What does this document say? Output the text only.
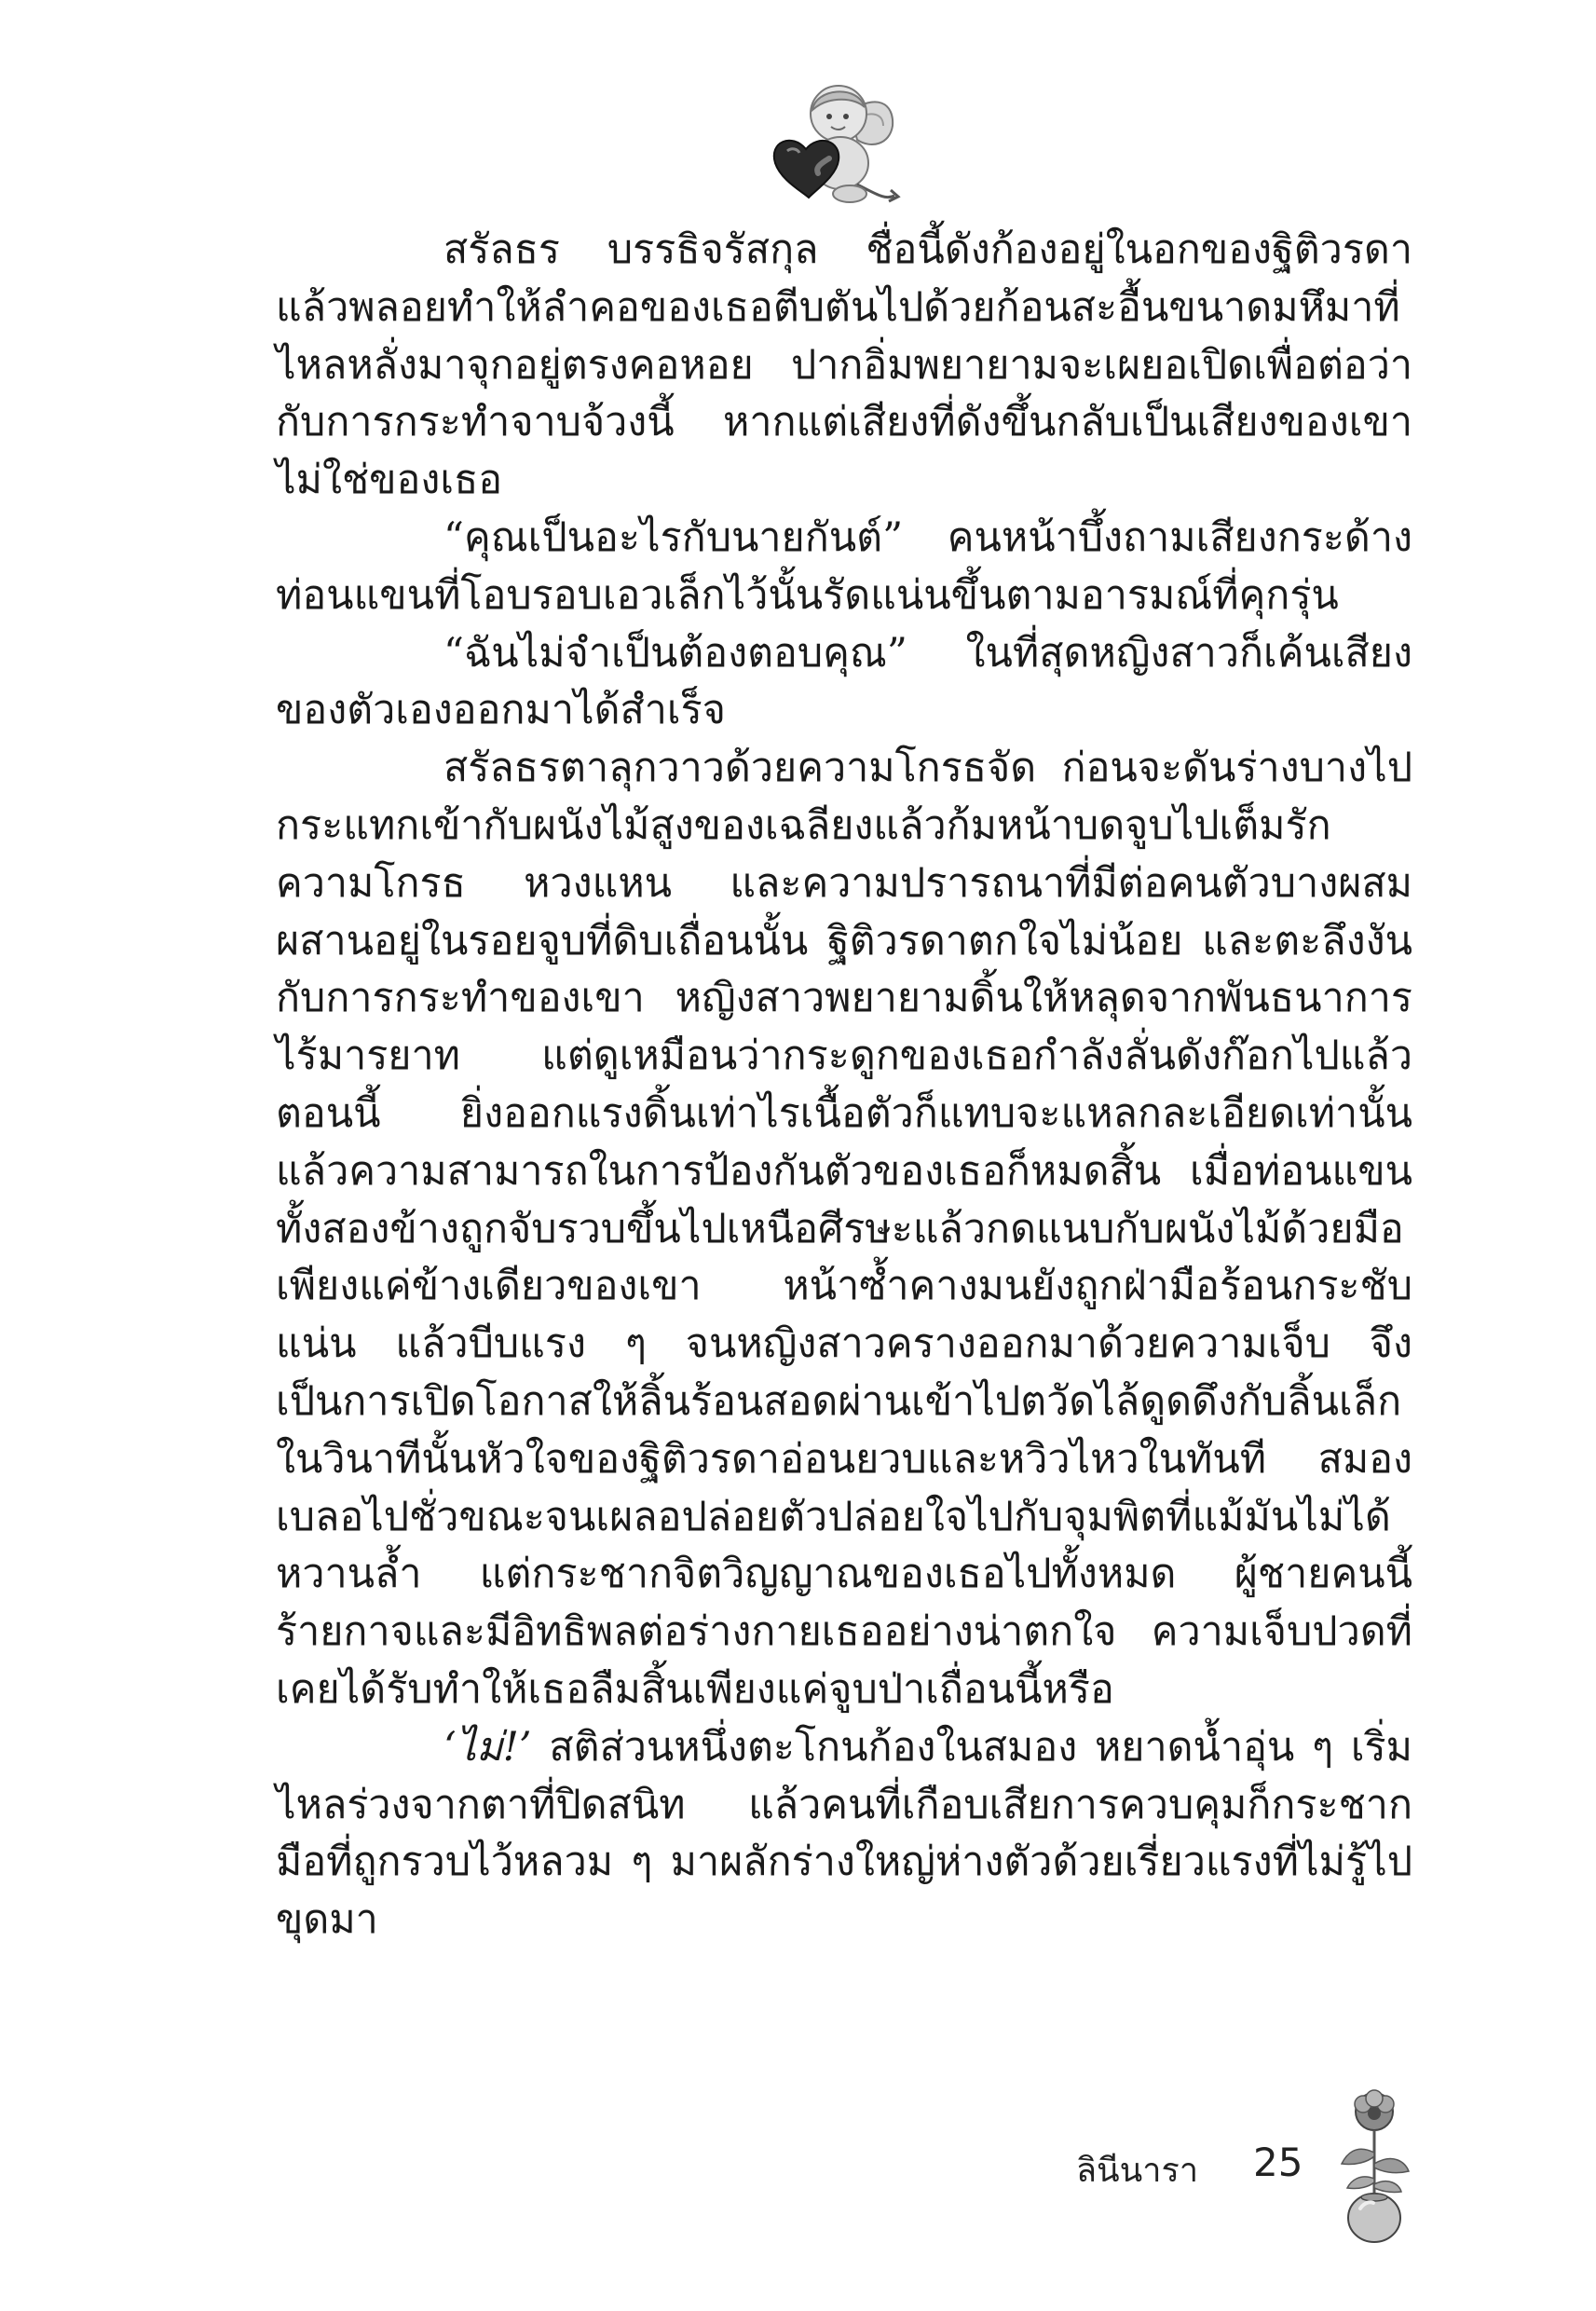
สรัลธร บรรธิจรัสกุล ชื่อนี้ดังก้องอยู่ในอกของฐิติวรดา แล้วพลอยทำให้ลำคอของเธอตีบตันไปด้วยก้อนสะอื้นขนาดมหึมาที่ไหลหลั่งมาจุกอยู่ตรงคอหอย ปากอิ่มพยายามจะเผยอเปิดเพื่อต่อว่ากับการกระทำจาบจ้วงนี้ หากแต่เสียงที่ดังขึ้นกลับเป็นเสียงของเขา ไม่ใช่ของเธอ

“คุณเป็นอะไรกับนายกันต์” คนหน้าบึ้งถามเสียงกระด้าง ท่อนแขนที่โอบรอบเอวเล็กไว้นั้นรัดแน่นขึ้นตามอารมณ์ที่คุกรุ่น

“ฉันไม่จำเป็นต้องตอบคุณ” ในที่สุดหญิงสาวก็เค้นเสียงของตัวเองออกมาได้สำเร็จ

สรัลธรตาลุกวาวด้วยความโกรธจัด ก่อนจะดันร่างบางไปกระแทกเข้ากับผนังไม้สูงของเฉลียงแล้วก้มหน้าบดจูบไปเต็มรัก ความโกรธ หวงแหน และความปรารถนาที่มีต่อคนตัวบางผสมผสานอยู่ในรอยจูบที่ดิบเถื่อนนั้น ฐิติวรดาตกใจไม่น้อย และตะลึงงันกับการกระทำของเขา หญิงสาวพยายามดิ้นให้หลุดจากพันธนาการไร้มารยาท แต่ดูเหมือนว่ากระดูกของเธอกำลังลั่นดังก๊อกไปแล้วตอนนี้ ยิ่งออกแรงดิ้นเท่าไรเนื้อตัวก็แทบจะแหลกละเอียดเท่านั้น แล้วความสามารถในการป้องกันตัวของเธอก็หมดสิ้น เมื่อท่อนแขนทั้งสองข้างถูกจับรวบขึ้นไปเหนือศีรษะแล้วกดแนบกับผนังไม้ด้วยมือเพียงแค่ข้างเดียวของเขา หน้าซ้ำคางมนยังถูกฝ่ามือร้อนกระชับแน่น แล้วบีบแรง ๆ จนหญิงสาวครางออกมาด้วยความเจ็บ จึงเป็นการเปิดโอกาสให้ลิ้นร้อนสอดผ่านเข้าไปตวัดไล้ดูดดึงกับลิ้นเล็ก ในวินาทีนั้นหัวใจของฐิติวรดาอ่อนยวบและหวิวไหวในทันที สมองเบลอไปชั่วขณะจนเผลอปล่อยตัวปล่อยใจไปกับจุมพิตที่แม้มันไม่ได้หวานล้ำ แต่กระชากจิตวิญญาณของเธอไปทั้งหมด ผู้ชายคนนี้ร้ายกาจและมีอิทธิพลต่อร่างกายเธออย่างน่าตกใจ ความเจ็บปวดที่เคยได้รับทำให้เธอลืมสิ้นเพียงแค่จูบป่าเถื่อนนี้หรือ

‘ไม่!’ สติส่วนหนึ่งตะโกนก้องในสมอง หยาดน้ำอุ่น ๆ เริ่มไหลร่วงจากตาที่ปิดสนิท แล้วคนที่เกือบเสียการควบคุมก็กระชากมือที่ถูกรวบไว้หลวม ๆ มาผลักร่างใหญ่ห่างตัวด้วยเรี่ยวแรงที่ไม่รู้ไปขุดมา

ลินีนารา 25
